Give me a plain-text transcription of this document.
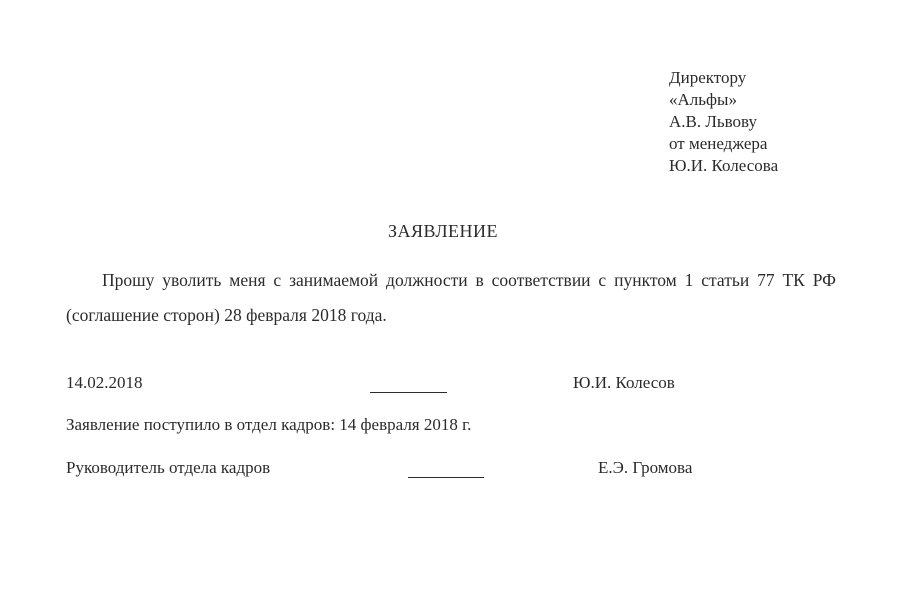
Директору
«Альфы»
А.В. Львову
от менеджера
Ю.И. Колесова
ЗАЯВЛЕНИЕ
Прошу уволить меня с занимаемой должности в соответствии с пунктом 1 статьи 77 ТК РФ (соглашение сторон) 28 февраля 2018 года.
14.02.2018	Ю.И. Колесов
Заявление поступило в отдел кадров: 14 февраля 2018 г.
Руководитель отдела кадров	Е.Э. Громова
